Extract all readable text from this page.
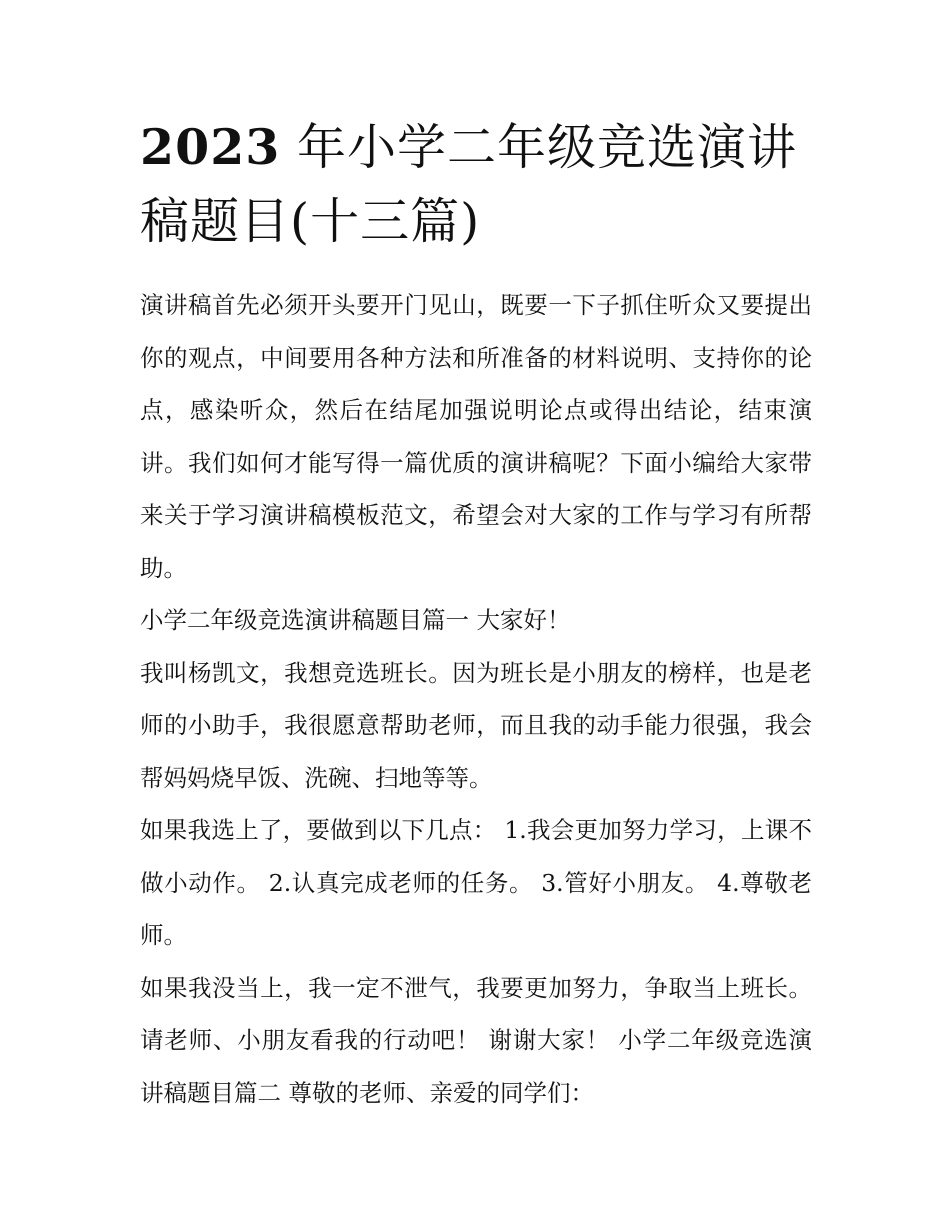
2023 年小学二年级竞选演讲稿题目(十三篇)

演讲稿首先必须开头要开门见山，既要一下子抓住听众又要提出你的观点，中间要用各种方法和所准备的材料说明、支持你的论点，感染听众，然后在结尾加强说明论点或得出结论，结束演讲。我们如何才能写得一篇优质的演讲稿呢？下面小编给大家带来关于学习演讲稿模板范文，希望会对大家的工作与学习有所帮助。

小学二年级竞选演讲稿题目篇一 大家好！

我叫杨凯文，我想竞选班长。因为班长是小朋友的榜样，也是老师的小助手，我很愿意帮助老师，而且我的动手能力很强，我会帮妈妈烧早饭、洗碗、扫地等等。

如果我选上了，要做到以下几点： 1.我会更加努力学习，上课不做小动作。 2.认真完成老师的任务。 3.管好小朋友。 4.尊敬老师。

如果我没当上，我一定不泄气，我要更加努力，争取当上班长。 请老师、小朋友看我的行动吧！ 谢谢大家！ 小学二年级竞选演讲稿题目篇二 尊敬的老师、亲爱的同学们：
